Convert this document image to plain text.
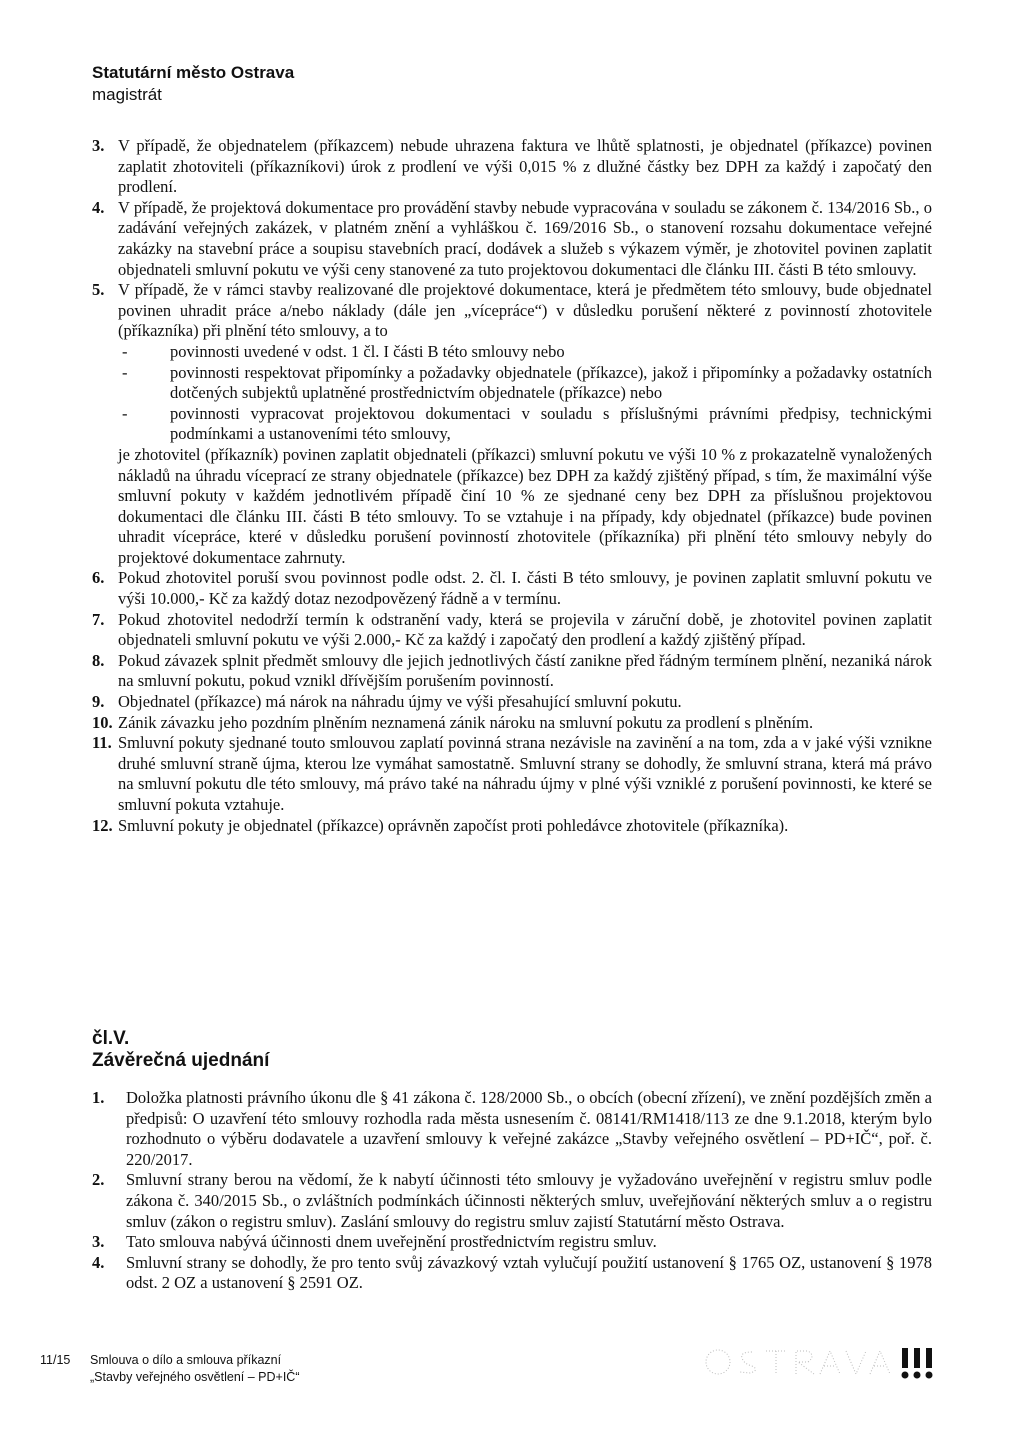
Statutární město Ostrava
magistrát
3. V případě, že objednatelem (příkazcem) nebude uhrazena faktura ve lhůtě splatnosti, je objednatel (příkazce) povinen zaplatit zhotoviteli (příkazníkovi) úrok z prodlení ve výši 0,015 % z dlužné částky bez DPH za každý i započatý den prodlení.
4. V případě, že projektová dokumentace pro provádění stavby nebude vypracována v souladu se zákonem č. 134/2016 Sb., o zadávání veřejných zakázek, v platném znění a vyhláškou č. 169/2016 Sb., o stanovení rozsahu dokumentace veřejné zakázky na stavební práce a soupisu stavebních prací, dodávek a služeb s výkazem výměr, je zhotovitel povinen zaplatit objednateli smluvní pokutu ve výši ceny stanovené za tuto projektovou dokumentaci dle článku III. části B této smlouvy.
5. V případě, že v rámci stavby realizované dle projektové dokumentace, která je předmětem této smlouvy, bude objednatel povinen uhradit práce a/nebo náklady (dále jen „vícepráce“) v důsledku porušení některé z povinností zhotovitele (příkazníka) při plnění této smlouvy, a to
-	povinnosti uvedené v odst. 1 čl. I části B této smlouvy nebo
-	povinnosti respektovat připomínky a požadavky objednatele (příkazce), jakož i připomínky a požadavky ostatních dotčených subjektů uplatněné prostřednictvím objednatele (příkazce) nebo
-	povinnosti vypracovat projektovou dokumentaci v souladu s příslušnými právními předpisy, technickými podmínkami a ustanoveními této smlouvy,
je zhotovitel (příkazník) povinen zaplatit objednateli (příkazci) smluvní pokutu ve výši 10 % z prokazatelně vynaložených nákladů na úhradu víceprací ze strany objednatele (příkazce) bez DPH za každý zjištěný případ, s tím, že maximální výše smluvní pokuty v každém jednotlivém případě činí 10 % ze sjednané ceny bez DPH za příslušnou projektovou dokumentaci dle článku III. části B této smlouvy. To se vztahuje i na případy, kdy objednatel (příkazce) bude povinen uhradit vícepráce, které v důsledku porušení povinností zhotovitele (příkazníka) při plnění této smlouvy nebyly do projektové dokumentace zahrnuty.
6. Pokud zhotovitel poruší svou povinnost podle odst. 2. čl. I. části B této smlouvy, je povinen zaplatit smluvní pokutu ve výši 10.000,- Kč za každý dotaz nezodpovězený řádně a v termínu.
7. Pokud zhotovitel nedodrží termín k odstranění vady, která se projevila v záruční době, je zhotovitel povinen zaplatit objednateli smluvní pokutu ve výši 2.000,- Kč za každý i započatý den prodlení a každý zjištěný případ.
8. Pokud závazek splnit předmět smlouvy dle jejich jednotlivých částí zanikne před řádným termínem plnění, nezaniká nárok na smluvní pokutu, pokud vznikl dřívějším porušením povinností.
9. Objednatel (příkazce) má nárok na náhradu újmy ve výši přesahující smluvní pokutu.
10. Zánik závazku jeho pozdním plněním neznamená zánik nároku na smluvní pokutu za prodlení s plněním.
11. Smluvní pokuty sjednané touto smlouvou zaplatí povinná strana nezávisle na zavinění a na tom, zda a v jaké výši vznikne druhé smluvní straně újma, kterou lze vymáhat samostatně. Smluvní strany se dohodly, že smluvní strana, která má právo na smluvní pokutu dle této smlouvy, má právo také na náhradu újmy v plné výši vzniklé z porušení povinnosti, ke které se smluvní pokuta vztahuje.
12. Smluvní pokuty je objednatel (příkazce) oprávněn započíst proti pohledávce zhotovitele (příkazníka).
čl.V.
Závěrečná ujednání
1. Doložka platnosti právního úkonu dle § 41 zákona č. 128/2000 Sb., o obcích (obecní zřízení), ve znění pozdějších změn a předpisů: O uzavření této smlouvy rozhodla rada města usnesením č. 08141/RM1418/113 ze dne 9.1.2018, kterým bylo rozhodnuto o výběru dodavatele a uzavření smlouvy k veřejné zakázce „Stavby veřejného osvětlení – PD+IČ“, poř. č. 220/2017.
2. Smluvní strany berou na vědomí, že k nabytí účinnosti této smlouvy je vyžadováno uveřejnění v registru smluv podle zákona č. 340/2015 Sb., o zvláštních podmínkách účinnosti některých smluv, uveřejňování některých smluv a o registru smluv (zákon o registru smluv). Zaslání smlouvy do registru smluv zajistí Statutární město Ostrava.
3. Tato smlouva nabývá účinnosti dnem uveřejnění prostřednictvím registru smluv.
4. Smluvní strany se dohodly, že pro tento svůj závazkový vztah vylučují použití ustanovení § 1765 OZ, ustanovení § 1978 odst. 2 OZ a ustanovení § 2591 OZ.
11/15	Smlouva o dílo a smlouva příkazní
„Stavby veřejného osvětlení – PD+IČ“
